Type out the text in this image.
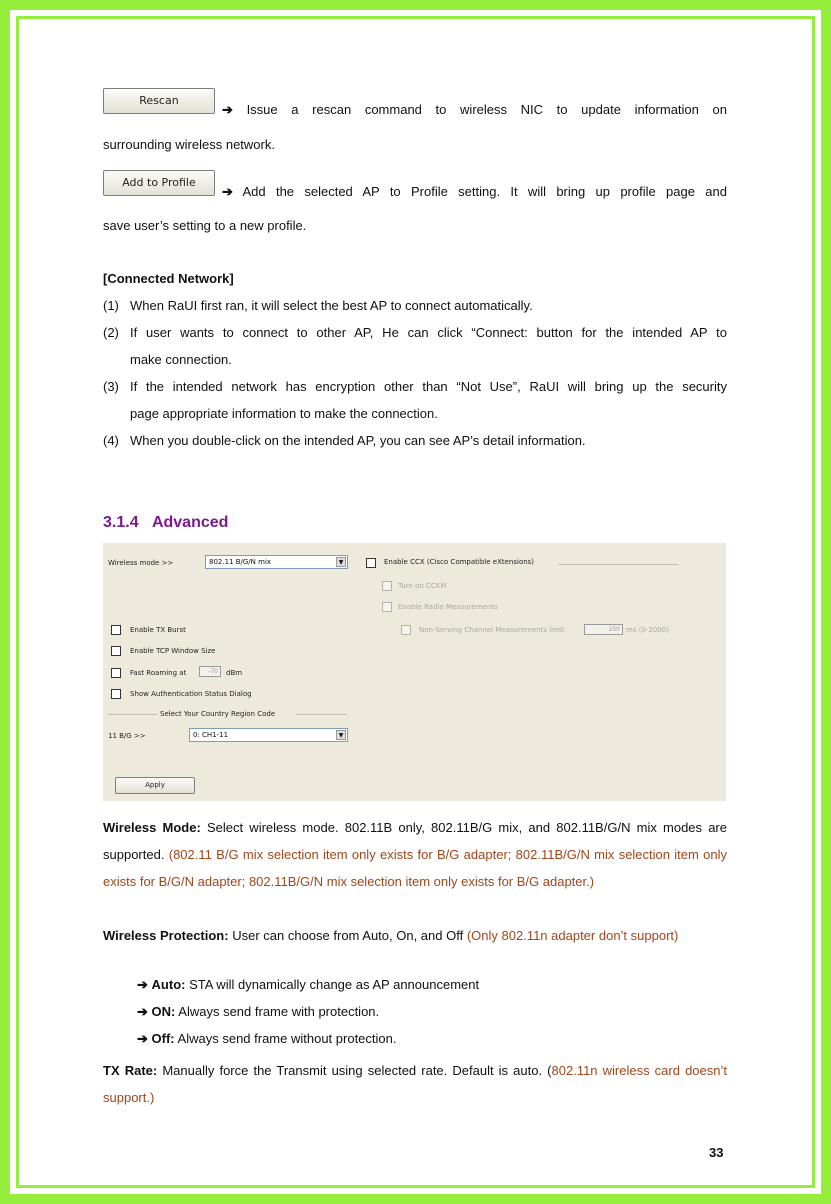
Rescan
➔ Issue a rescan command to wireless NIC to update information on
surrounding wireless network.
Add to Profile
➔ Add the selected AP to Profile setting. It will bring up profile page and
save user’s setting to a new profile.
[Connected Network]
(1) When RaUI first ran, it will select the best AP to connect automatically.
(2) If user wants to connect to other AP, He can click “Connect: button for the intended AP to
make connection.
(3) If the intended network has encryption other than “Not Use”, RaUI will bring up the security
page appropriate information to make the connection.
(4) When you double-click on the intended AP, you can see AP’s detail information.
3.1.4 Advanced
Wireless mode >>	802.11 B/G/N mix	▼	Enable CCX (Cisco Compatible eXtensions)
Turn on CCKM
Enable Radio Measurements
Non-Serving Channel Measurements limit	250 ms (0-2000)
Enable TX Burst
Enable TCP Window Size
Fast Roaming at	-70	dBm
Show Authentication Status Dialog
Select Your Country Region Code
11 B/G >>	0: CH1-11	▼
Apply
Wireless Mode: Select wireless mode. 802.11B only, 802.11B/G mix, and 802.11B/G/N mix modes are supported. (802.11 B/G mix selection item only exists for B/G adapter; 802.11B/G/N mix selection item only exists for B/G/N adapter; 802.11B/G/N mix selection item only exists for B/G adapter.)
Wireless Protection: User can choose from Auto, On, and Off (Only 802.11n adapter don’t support)
➔ Auto: STA will dynamically change as AP announcement
➔ ON: Always send frame with protection.
➔ Off: Always send frame without protection.
TX Rate: Manually force the Transmit using selected rate. Default is auto. (802.11n wireless card doesn’t support.)
33
